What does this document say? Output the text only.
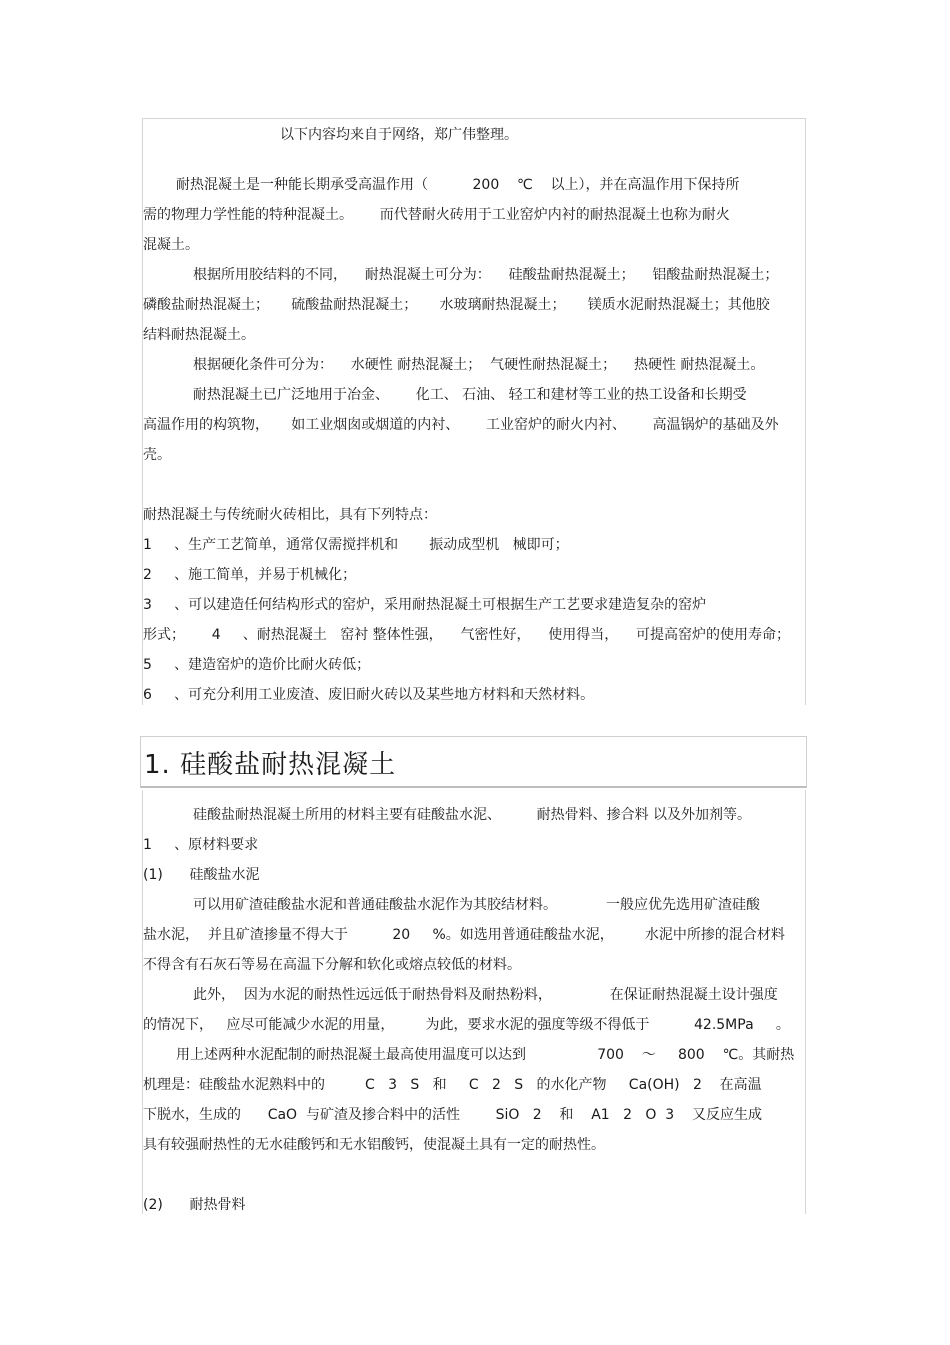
以下内容均来自于网络，郑广伟整理。
耐热混凝土是一种能长期承受高温作用（          200    ℃    以上），并在高温作用下保持所
需的物理力学性能的特种混凝土。      而代替耐火砖用于工业窑炉内衬的耐热混凝土也称为耐火
混凝土。
根据所用胶结料的不同，    耐热混凝土可分为：    硅酸盐耐热混凝土；    铝酸盐耐热混凝土；
磷酸盐耐热混凝土；     硫酸盐耐热混凝土；     水玻璃耐热混凝土；     镁质水泥耐热混凝土；其他胶
结料耐热混凝土。
根据硬化条件可分为：    水硬性 耐热混凝土；  气硬性耐热混凝土；    热硬性 耐热混凝土。
耐热混凝土已广泛地用于冶金、      化工、 石油、 轻工和建材等工业的热工设备和长期受
高温作用的构筑物，     如工业烟囱或烟道的内衬、      工业窑炉的耐火内衬、      高温锅炉的基础及外
壳。
耐热混凝土与传统耐火砖相比，具有下列特点：
1     、生产工艺简单，通常仅需搅拌机和       振动成型机   械即可；
2     、施工简单，并易于机械化；
3     、可以建造任何结构形式的窑炉，采用耐热混凝土可根据生产工艺要求建造复杂的窑炉
形式；      4     、耐热混凝土   窑衬 整体性强，    气密性好，    使用得当，    可提高窑炉的使用寿命；
5     、建造窑炉的造价比耐火砖低；
6     、可充分利用工业废渣、废旧耐火砖以及某些地方材料和天然材料。
1. 硅酸盐耐热混凝土
硅酸盐耐热混凝土所用的材料主要有硅酸盐水泥、        耐热骨料、掺合料 以及外加剂等。
1     、原材料要求
(1)      硅酸盐水泥
可以用矿渣硅酸盐水泥和普通硅酸盐水泥作为其胶结材料。           一般应优先选用矿渣硅酸
盐水泥，  并且矿渣掺量不得大于          20     %。如选用普通硅酸盐水泥，       水泥中所掺的混合材料
不得含有石灰石等易在高温下分解和软化或熔点较低的材料。
此外，  因为水泥的耐热性远远低于耐热骨料及耐热粉料，             在保证耐热混凝土设计强度
的情况下，   应尽可能减少水泥的用量，       为此，要求水泥的强度等级不得低于          42.5MPa     。
用上述两种水泥配制的耐热混凝土最高使用温度可以达到                700    ～     800    ℃。其耐热
机理是：硅酸盐水泥熟料中的         C   3   S   和     C   2   S   的水化产物     Ca(OH)   2    在高温
下脱水，生成的      CaO  与矿渣及掺合料中的活性        SiO   2    和    A1   2   O  3    又反应生成
具有较强耐热性的无水硅酸钙和无水铝酸钙，使混凝土具有一定的耐热性。
(2)      耐热骨料
